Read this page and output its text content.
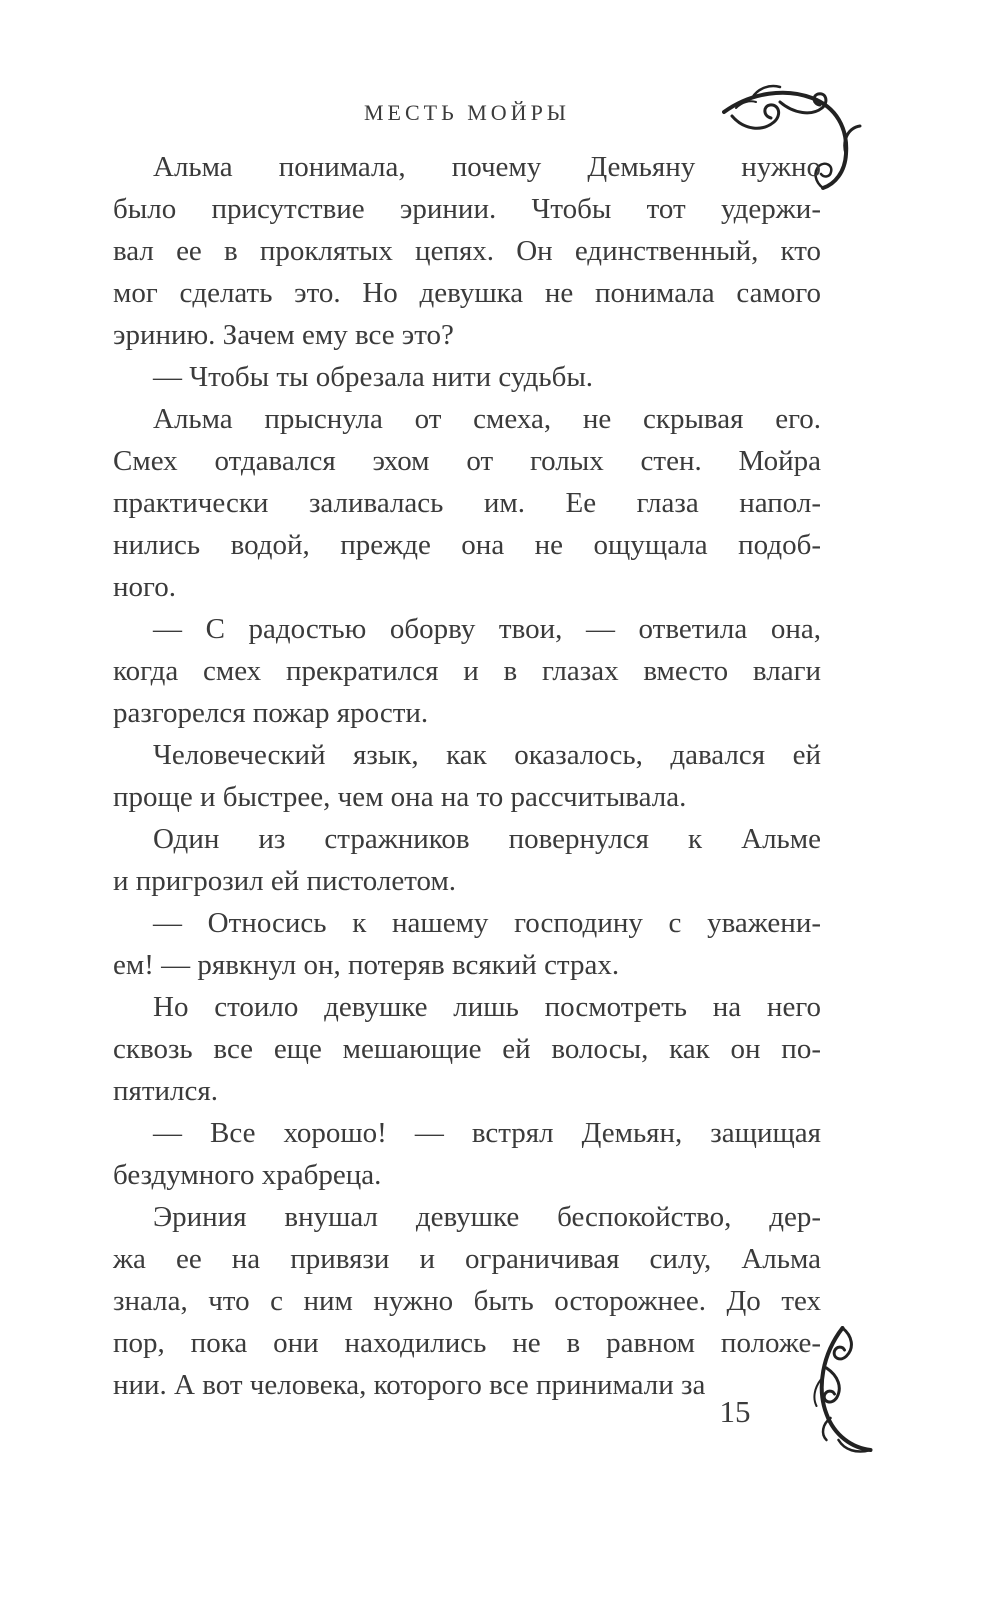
МЕСТЬ МОЙРЫ
Альма понимала, почему Демьяну нужно
было присутствие эринии. Чтобы тот удержи-
вал ее в проклятых цепях. Он единственный, кто
мог сделать это. Но девушка не понимала самого
эринию. Зачем ему все это?
— Чтобы ты обрезала нити судьбы.
Альма прыснула от смеха, не скрывая его.
Смех отдавался эхом от голых стен. Мойра
практически заливалась им. Ее глаза напол-
нились водой, прежде она не ощущала подоб-
ного.
— С радостью оборву твои, — ответила она,
когда смех прекратился и в глазах вместо влаги
разгорелся пожар ярости.
Человеческий язык, как оказалось, давался ей
проще и быстрее, чем она на то рассчитывала.
Один из стражников повернулся к Альме
и пригрозил ей пистолетом.
— Относись к нашему господину с уважени-
ем! — рявкнул он, потеряв всякий страх.
Но стоило девушке лишь посмотреть на него
сквозь все еще мешающие ей волосы, как он по-
пятился.
— Все хорошо! — встрял Демьян, защищая
бездумного храбреца.
Эриния внушал девушке беспокойство, дер-
жа ее на привязи и ограничивая силу, Альма
знала, что с ним нужно быть осторожнее. До тех
пор, пока они находились не в равном положе-
нии. А вот человека, которого все принимали за
15
